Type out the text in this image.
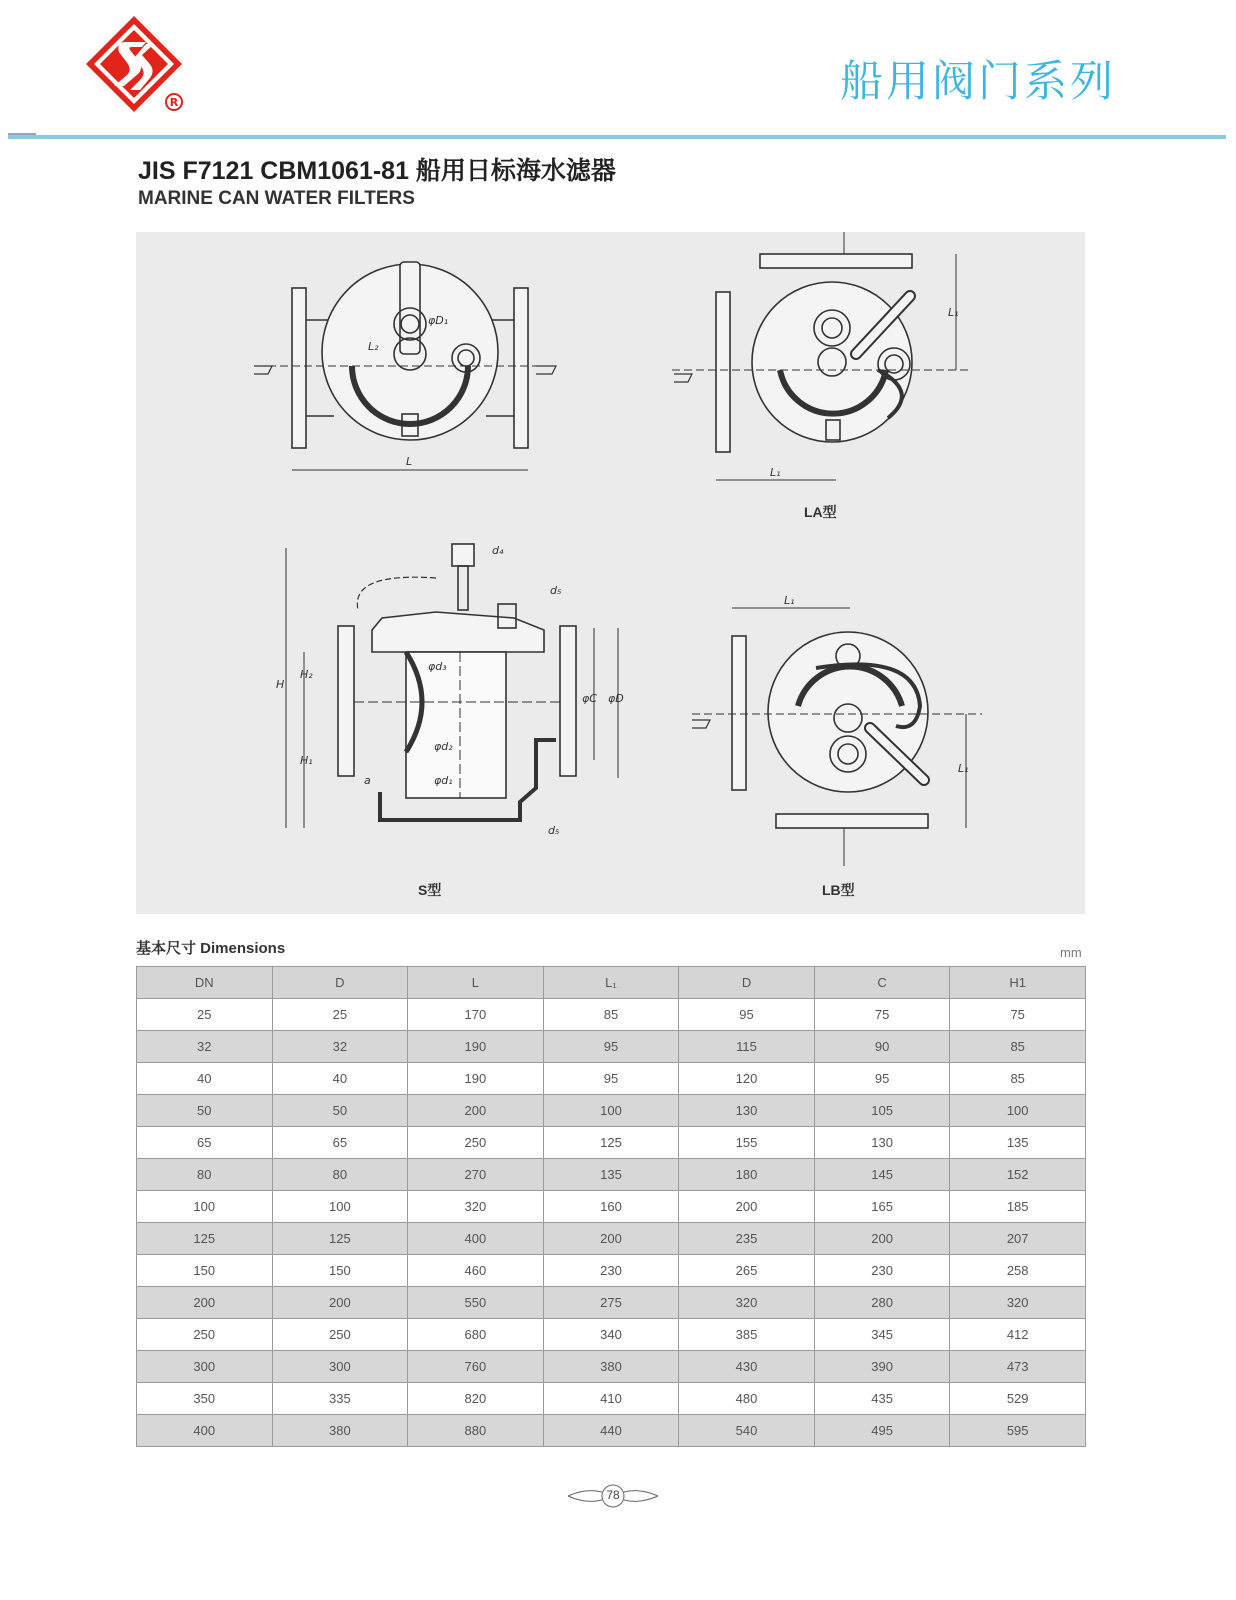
R	船用阀门系列
JIS F7121 CBM1061-81 船用日标海水滤器
MARINE CAN WATER FILTERS
L
φD₁
L₂
L₁
L₁
H
H₂
H₁
φd₃
φd₂
φd₁
d₄
d₅
d₅
φC φD
a
L₁
L₁
LA型
S型	LB型
基本尺寸 Dimensions	mm
DN	D	L	L₁	D	C	H1
25	25	170	85	95	75	75
32	32	190	95	115	90	85
40	40	190	95	120	95	85
50	50	200	100	130	105	100
65	65	250	125	155	130	135
80	80	270	135	180	145	152
100	100	320	160	200	165	185
125	125	400	200	235	200	207
150	150	460	230	265	230	258
200	200	550	275	320	280	320
250	250	680	340	385	345	412
300	300	760	380	430	390	473
350	335	820	410	480	435	529
400	380	880	440	540	495	595
78
